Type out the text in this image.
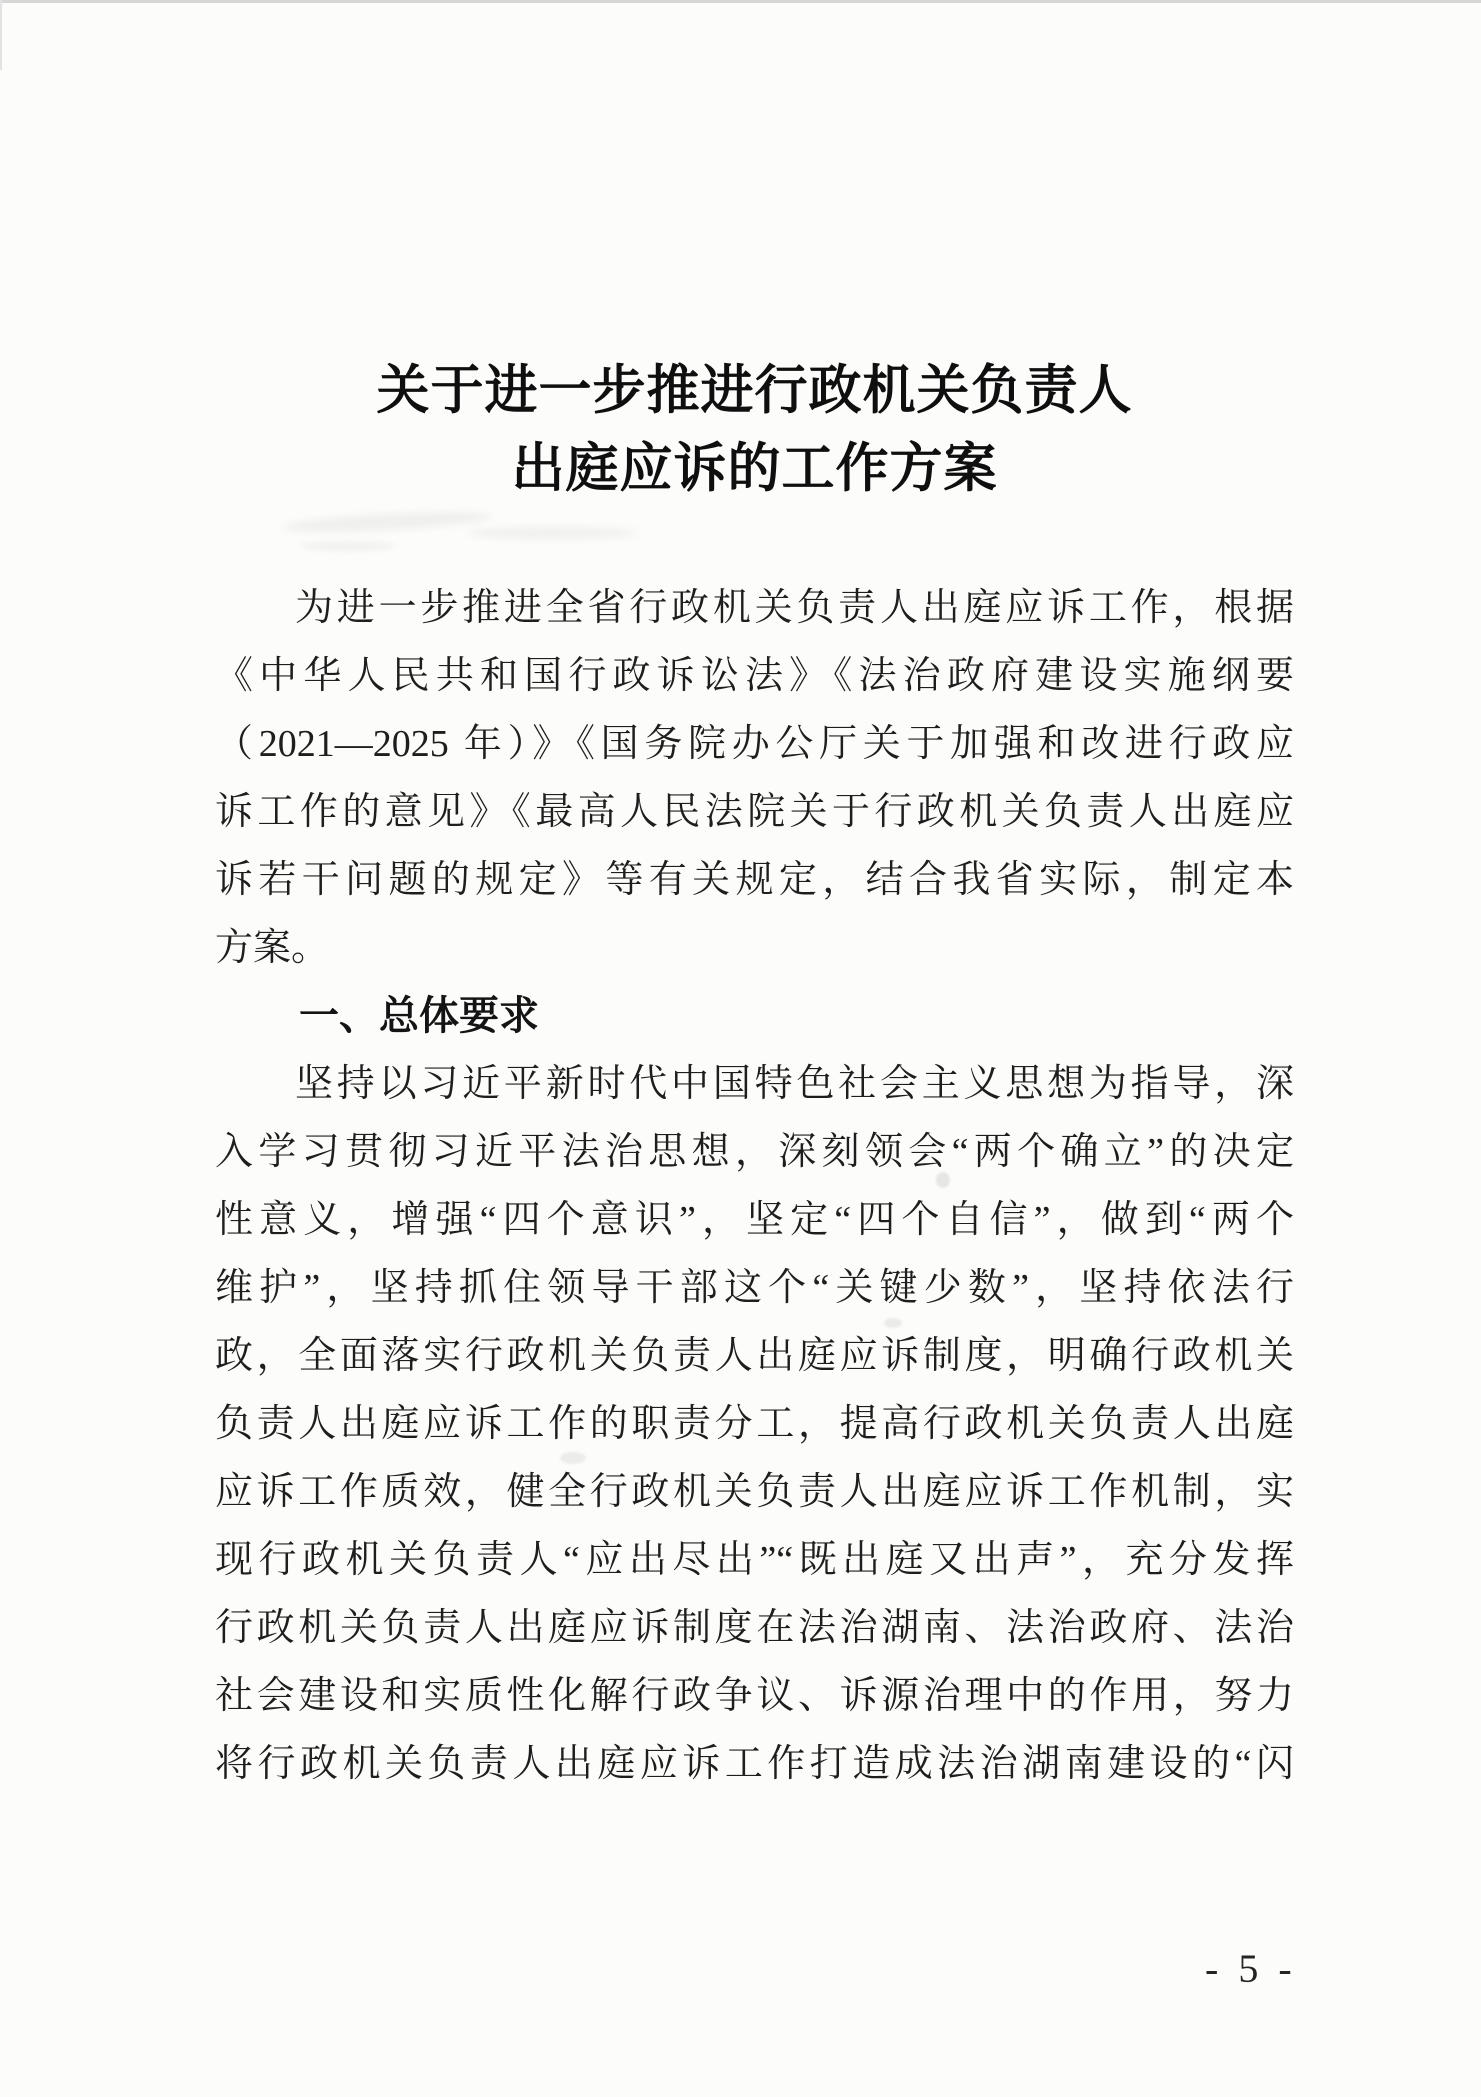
关于进一步推进行政机关负责人
出庭应诉的工作方案
为进一步推进全省行政机关负责人出庭应诉工作，根据
《中华人民共和国行政诉讼法》《法治政府建设实施纲要
（2021—2025 年）》《国务院办公厅关于加强和改进行政应
诉工作的意见》《最高人民法院关于行政机关负责人出庭应
诉若干问题的规定》等有关规定，结合我省实际，制定本
方案。
一、总体要求
坚持以习近平新时代中国特色社会主义思想为指导，深
入学习贯彻习近平法治思想，深刻领会“两个确立”的决定
性意义，增强“四个意识”，坚定“四个自信”，做到“两个
维护”，坚持抓住领导干部这个“关键少数”，坚持依法行
政，全面落实行政机关负责人出庭应诉制度，明确行政机关
负责人出庭应诉工作的职责分工，提高行政机关负责人出庭
应诉工作质效，健全行政机关负责人出庭应诉工作机制，实
现行政机关负责人“应出尽出”“既出庭又出声”，充分发挥
行政机关负责人出庭应诉制度在法治湖南、法治政府、法治
社会建设和实质性化解行政争议、诉源治理中的作用，努力
将行政机关负责人出庭应诉工作打造成法治湖南建设的“闪
- 5 -
